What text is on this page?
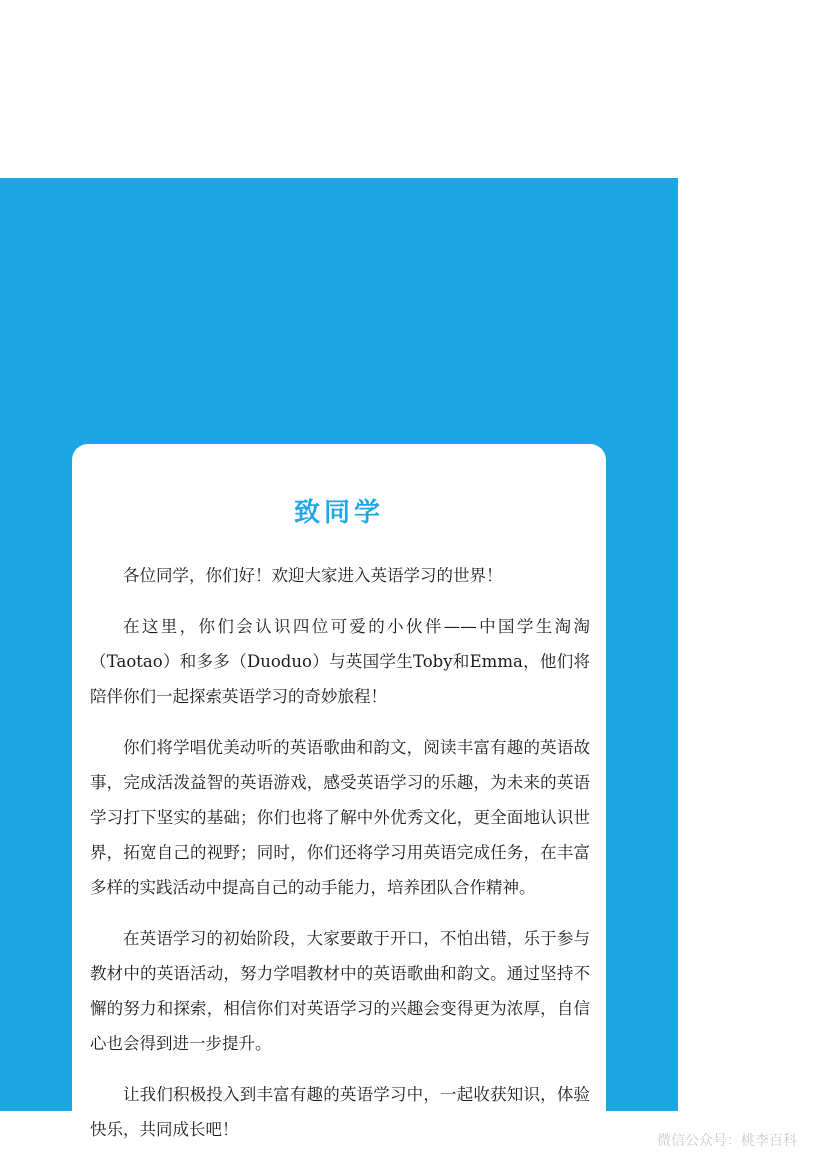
致同学

各位同学，你们好！欢迎大家进入英语学习的世界！

在这里，你们会认识四位可爱的小伙伴——中国学生淘淘（Taotao）和多多（Duoduo）与英国学生Toby和Emma，他们将陪伴你们一起探索英语学习的奇妙旅程！

你们将学唱优美动听的英语歌曲和韵文，阅读丰富有趣的英语故事，完成活泼益智的英语游戏，感受英语学习的乐趣，为未来的英语学习打下坚实的基础；你们也将了解中外优秀文化，更全面地认识世界，拓宽自己的视野；同时，你们还将学习用英语完成任务，在丰富多样的实践活动中提高自己的动手能力，培养团队合作精神。

在英语学习的初始阶段，大家要敢于开口，不怕出错，乐于参与教材中的英语活动，努力学唱教材中的英语歌曲和韵文。通过坚持不懈的努力和探索，相信你们对英语学习的兴趣会变得更为浓厚，自信心也会得到进一步提升。

让我们积极投入到丰富有趣的英语学习中，一起收获知识，体验快乐，共同成长吧！

微信公众号：桃李百科
